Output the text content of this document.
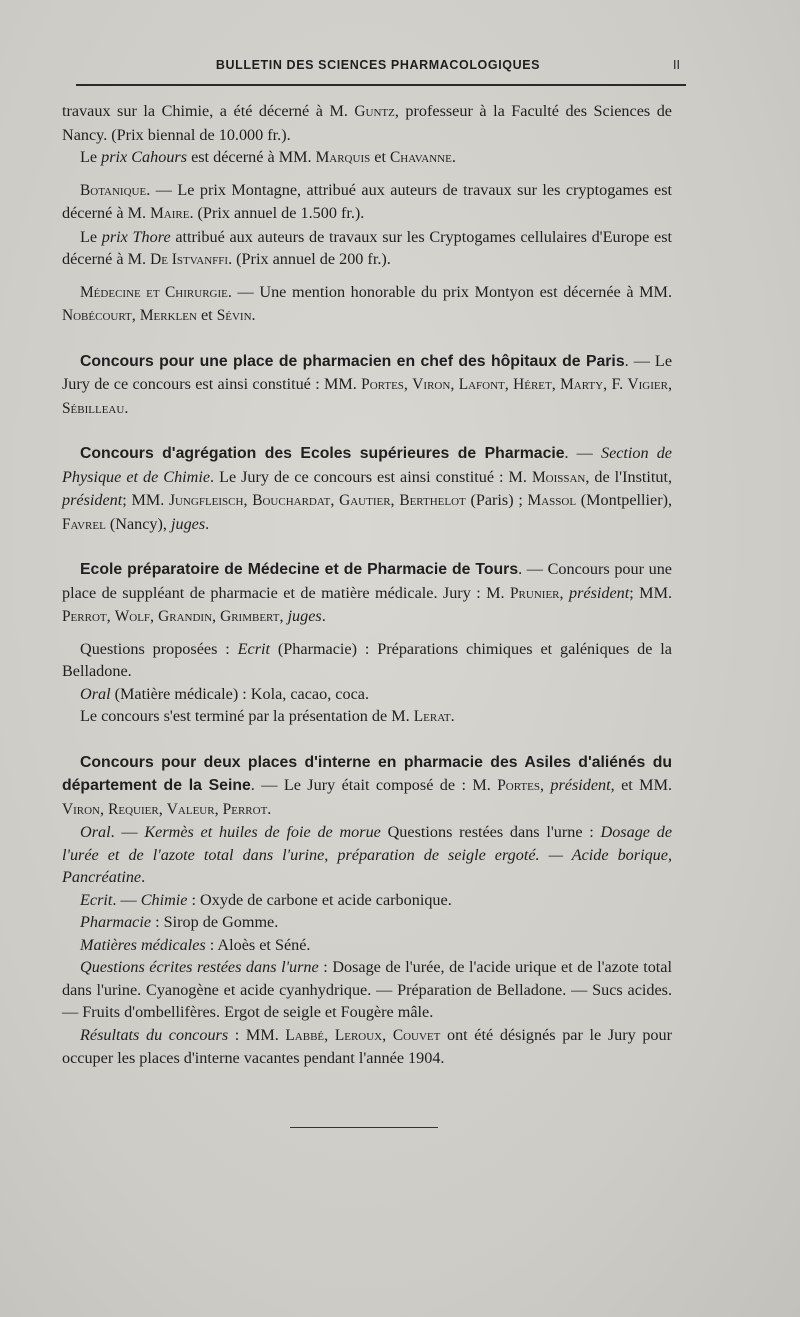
BULLETIN DES SCIENCES PHARMACOLOGIQUES	II

travaux sur la Chimie, a été décerné à M. Guntz, professeur à la Faculté des Sciences de Nancy. (Prix biennal de 10.000 fr.).

Le prix Cahours est décerné à MM. Marquis et Chavanne.

Botanique. — Le prix Montagne, attribué aux auteurs de travaux sur les cryptogames est décerné à M. Maire. (Prix annuel de 1.500 fr.).

Le prix Thore attribué aux auteurs de travaux sur les Cryptogames cellulaires d'Europe est décerné à M. De Istvanffi. (Prix annuel de 200 fr.).

Médecine et Chirurgie. — Une mention honorable du prix Montyon est décernée à MM. Nobécourt, Merklen et Sévin.

Concours pour une place de pharmacien en chef des hôpitaux de Paris. — Le Jury de ce concours est ainsi constitué : MM. Portes, Viron, Lafont, Héret, Marty, F. Vigier, Sébilleau.

Concours d'agrégation des Ecoles supérieures de Pharmacie. — Section de Physique et de Chimie. Le Jury de ce concours est ainsi constitué : M. Moissan, de l'Institut, président; MM. Jungfleisch, Bouchardat, Gautier, Berthelot (Paris) ; Massol (Montpellier), Favrel (Nancy), juges.

Ecole préparatoire de Médecine et de Pharmacie de Tours. — Concours pour une place de suppléant de pharmacie et de matière médicale. Jury : M. Prunier, président; MM. Perrot, Wolf, Grandin, Grimbert, juges.

Questions proposées : Ecrit (Pharmacie) : Préparations chimiques et galéniques de la Belladone.

Oral (Matière médicale) : Kola, cacao, coca.

Le concours s'est terminé par la présentation de M. Lerat.

Concours pour deux places d'interne en pharmacie des Asiles d'aliénés du département de la Seine. — Le Jury était composé de : M. Portes, président, et MM. Viron, Requier, Valeur, Perrot.

Oral. — Kermès et huiles de foie de morue Questions restées dans l'urne : Dosage de l'urée et de l'azote total dans l'urine, préparation de seigle ergoté. — Acide borique, Pancréatine.

Ecrit. — Chimie : Oxyde de carbone et acide carbonique.

Pharmacie : Sirop de Gomme.

Matières médicales : Aloès et Séné.

Questions écrites restées dans l'urne : Dosage de l'urée, de l'acide urique et de l'azote total dans l'urine. Cyanogène et acide cyanhydrique. — Préparation de Belladone. — Sucs acides. — Fruits d'ombellifères. Ergot de seigle et Fougère mâle.

Résultats du concours : MM. Labbé, Leroux, Couvet ont été désignés par le Jury pour occuper les places d'interne vacantes pendant l'année 1904.
